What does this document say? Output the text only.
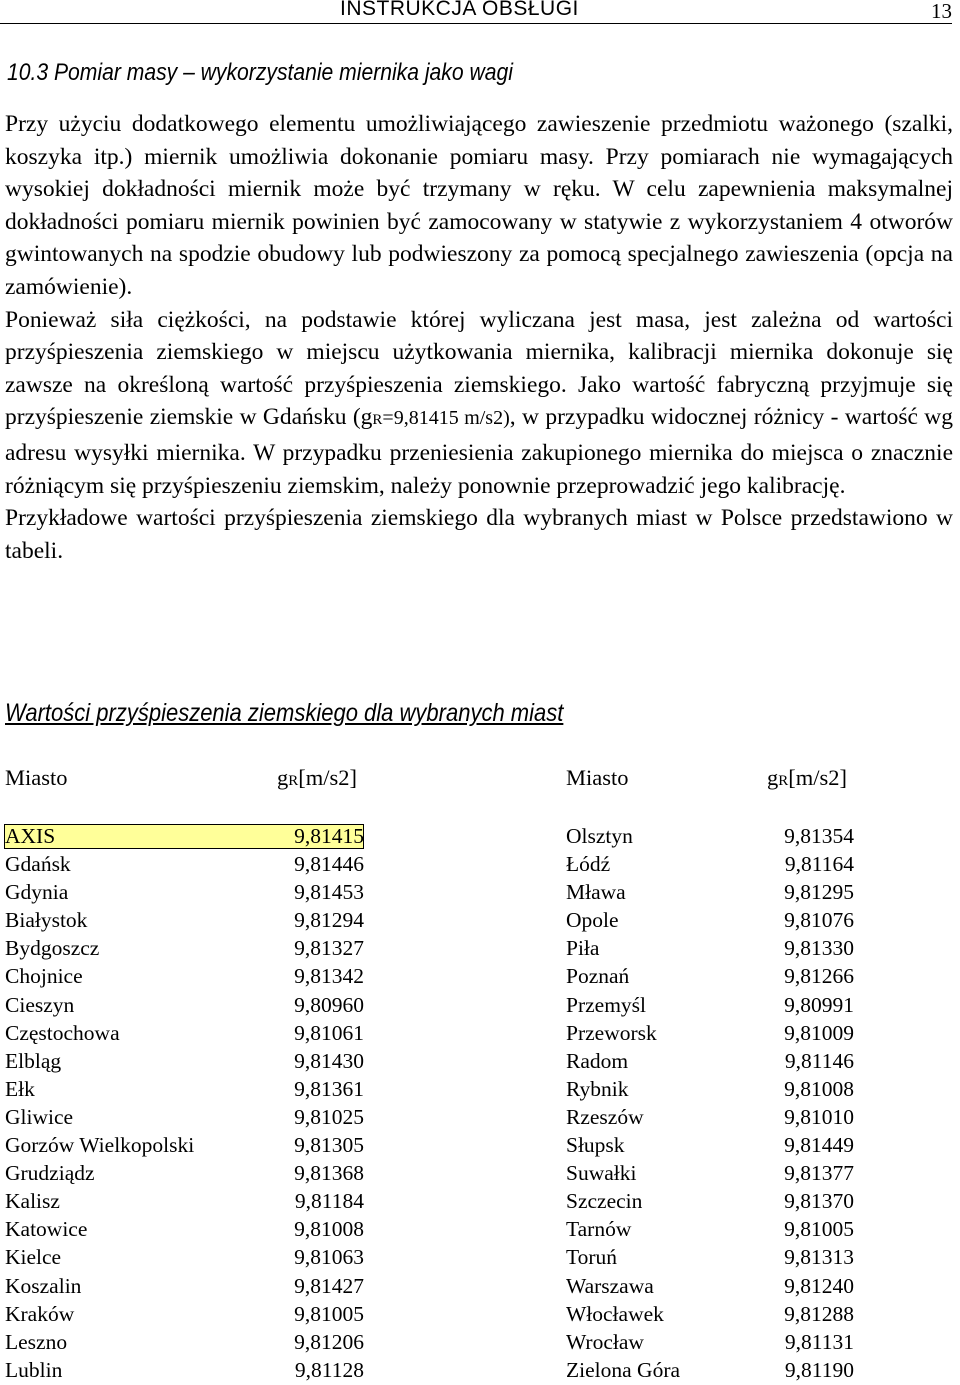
INSTRUKCJA OBSŁUGI	13
10.3 Pomiar masy – wykorzystanie miernika jako wagi

Przy użyciu dodatkowego elementu umożliwiającego zawieszenie przedmiotu ważonego (szalki, koszyka itp.) miernik umożliwia dokonanie pomiaru masy. Przy pomiarach nie wymagających wysokiej dokładności miernik może być trzymany w ręku. W celu zapewnienia maksymalnej dokładności pomiaru miernik powinien być zamocowany w statywie z wykorzystaniem 4 otworów gwintowanych na spodzie obudowy lub podwieszony za pomocą specjalnego zawieszenia (opcja na zamówienie).

Ponieważ siła ciężkości, na podstawie której wyliczana jest masa, jest zależna od wartości przyśpieszenia ziemskiego w miejscu użytkowania miernika, kalibracji miernika dokonuje się zawsze na określoną wartość przyśpieszenia ziemskiego. Jako wartość fabryczną przyjmuje się przyśpieszenie ziemskie w Gdańsku (gR=9,81415 m/s2), w przypadku widocznej różnicy - wartość wg adresu wysyłki miernika. W przypadku przeniesienia zakupionego miernika do miejsca o znacznie różniącym się przyśpieszeniu ziemskim, należy ponownie przeprowadzić jego kalibrację.

Przykładowe wartości przyśpieszenia ziemskiego dla wybranych miast w Polsce przedstawiono w tabeli.

Wartości przyśpieszenia ziemskiego dla wybranych miast
Miasto	gR[m/s2]	Miasto	gR[m/s2]
AXIS	9,81415	Olsztyn	9,81354
Gdańsk	9,81446	Łódź	9,81164
Gdynia	9,81453	Mława	9,81295
Białystok	9,81294	Opole	9,81076
Bydgoszcz	9,81327	Piła	9,81330
Chojnice	9,81342	Poznań	9,81266
Cieszyn	9,80960	Przemyśl	9,80991
Częstochowa	9,81061	Przeworsk	9,81009
Elbląg	9,81430	Radom	9,81146
Ełk	9,81361	Rybnik	9,81008
Gliwice	9,81025	Rzeszów	9,81010
Gorzów Wielkopolski	9,81305	Słupsk	9,81449
Grudziądz	9,81368	Suwałki	9,81377
Kalisz	9,81184	Szczecin	9,81370
Katowice	9,81008	Tarnów	9,81005
Kielce	9,81063	Toruń	9,81313
Koszalin	9,81427	Warszawa	9,81240
Kraków	9,81005	Włocławek	9,81288
Leszno	9,81206	Wrocław	9,81131
Lublin	9,81128	Zielona Góra	9,81190
